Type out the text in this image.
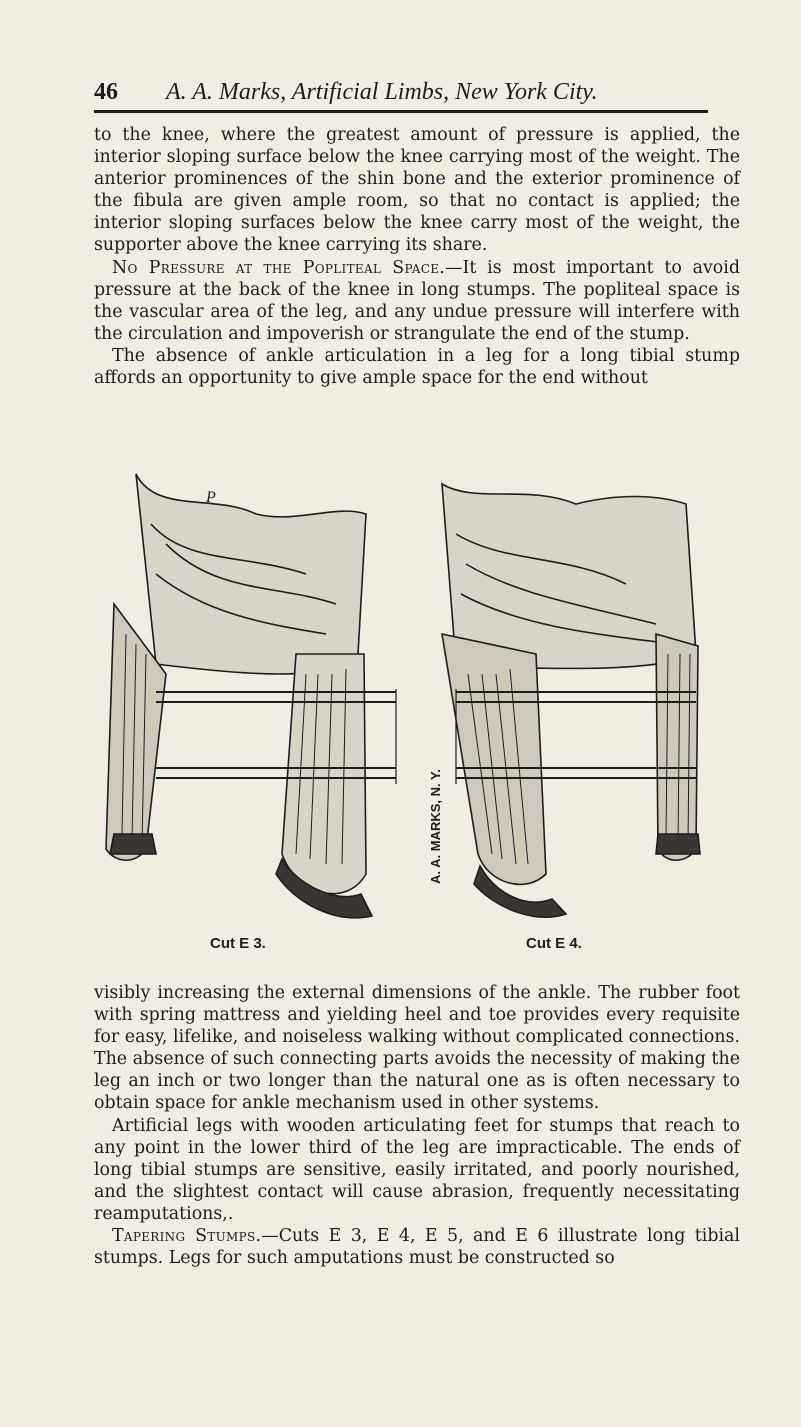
46 A. A. Marks, Artificial Limbs, New York City.

to the knee, where the greatest amount of pressure is applied, the interior sloping surface below the knee carrying most of the weight. The anterior prominences of the shin bone and the exterior prominence of the fibula are given ample room, so that no contact is applied; the interior sloping surfaces below the knee carry most of the weight, the supporter above the knee carrying its share.

No Pressure at the Popliteal Space.—It is most important to avoid pressure at the back of the knee in long stumps. The popliteal space is the vascular area of the leg, and any undue pressure will interfere with the circulation and impoverish or strangulate the end of the stump.

The absence of ankle articulation in a leg for a long tibial stump affords an opportunity to give ample space for the end without

A. A. MARKS, N. Y.
P
Cut E 3.	Cut E 4.

visibly increasing the external dimensions of the ankle. The rubber foot with spring mattress and yielding heel and toe provides every requisite for easy, lifelike, and noiseless walking without complicated connections. The absence of such connecting parts avoids the necessity of making the leg an inch or two longer than the natural one as is often necessary to obtain space for ankle mechanism used in other systems.

Artificial legs with wooden articulating feet for stumps that reach to any point in the lower third of the leg are impracticable. The ends of long tibial stumps are sensitive, easily irritated, and poorly nourished, and the slightest contact will cause abrasion, frequently necessitating reamputations,.

Tapering Stumps.—Cuts E 3, E 4, E 5, and E 6 illustrate long tibial stumps. Legs for such amputations must be constructed so
